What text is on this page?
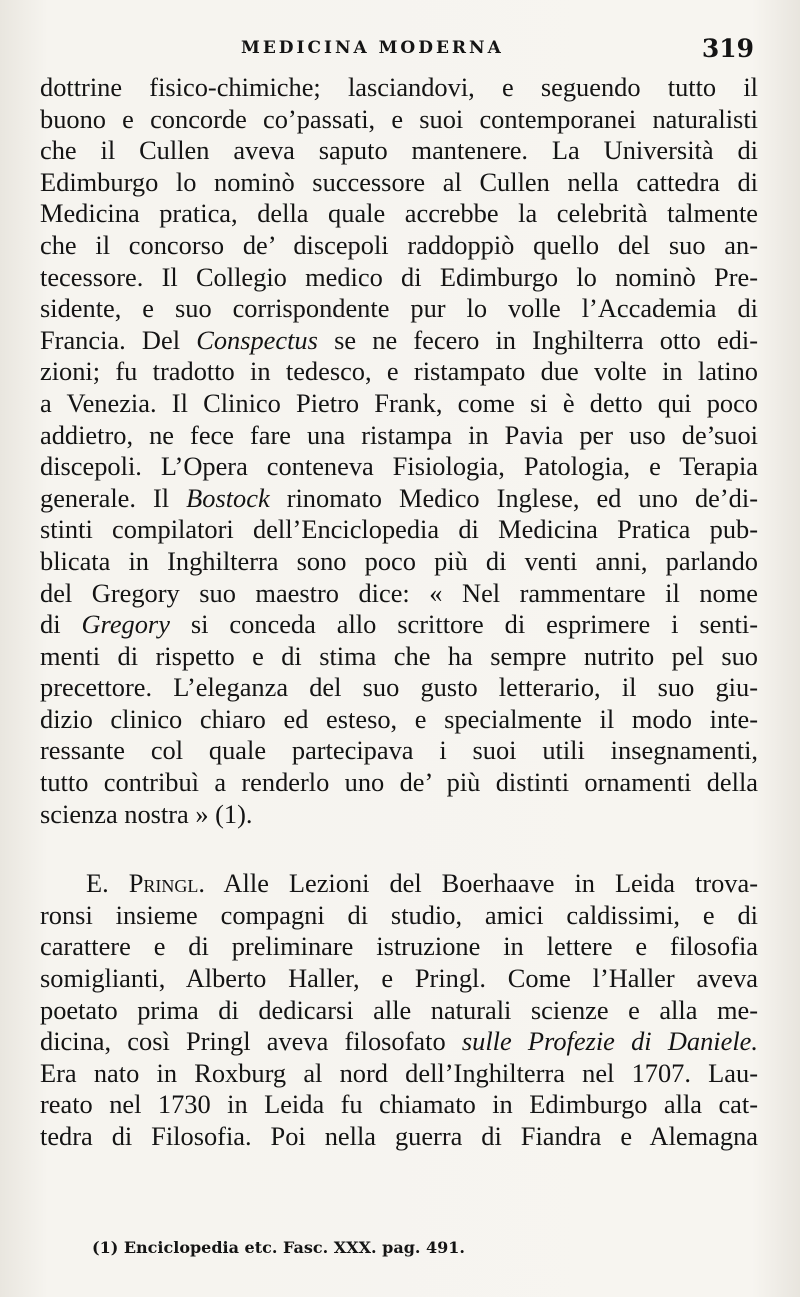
MEDICINA MODERNA	319
dottrine fisico-chimiche; lasciandovi, e seguendo tutto il
buono e concorde co’passati, e suoi contemporanei naturalisti
che il Cullen aveva saputo mantenere. La Università di
Edimburgo lo nominò successore al Cullen nella cattedra di
Medicina pratica, della quale accrebbe la celebrità talmente
che il concorso de’ discepoli raddoppiò quello del suo an-
tecessore. Il Collegio medico di Edimburgo lo nominò Pre-
sidente, e suo corrispondente pur lo volle l’Accademia di
Francia. Del Conspectus se ne fecero in Inghilterra otto edi-
zioni; fu tradotto in tedesco, e ristampato due volte in latino
a Venezia. Il Clinico Pietro Frank, come si è detto qui poco
addietro, ne fece fare una ristampa in Pavia per uso de’suoi
discepoli. L’Opera conteneva Fisiologia, Patologia, e Terapia
generale. Il Bostock rinomato Medico Inglese, ed uno de’di-
stinti compilatori dell’Enciclopedia di Medicina Pratica pub-
blicata in Inghilterra sono poco più di venti anni, parlando
del Gregory suo maestro dice: « Nel rammentare il nome
di Gregory si conceda allo scrittore di esprimere i senti-
menti di rispetto e di stima che ha sempre nutrito pel suo
precettore. L’eleganza del suo gusto letterario, il suo giu-
dizio clinico chiaro ed esteso, e specialmente il modo inte-
ressante col quale partecipava i suoi utili insegnamenti,
tutto contribuì a renderlo uno de’ più distinti ornamenti della
scienza nostra » (1).
E. Pringl. Alle Lezioni del Boerhaave in Leida trova-
ronsi insieme compagni di studio, amici caldissimi, e di
carattere e di preliminare istruzione in lettere e filosofia
somiglianti, Alberto Haller, e Pringl. Come l’Haller aveva
poetato prima di dedicarsi alle naturali scienze e alla me-
dicina, così Pringl aveva filosofato sulle Profezie di Daniele.
Era nato in Roxburg al nord dell’Inghilterra nel 1707. Lau-
reato nel 1730 in Leida fu chiamato in Edimburgo alla cat-
tedra di Filosofia. Poi nella guerra di Fiandra e Alemagna
(1) Enciclopedia etc. Fasc. XXX. pag. 491.
